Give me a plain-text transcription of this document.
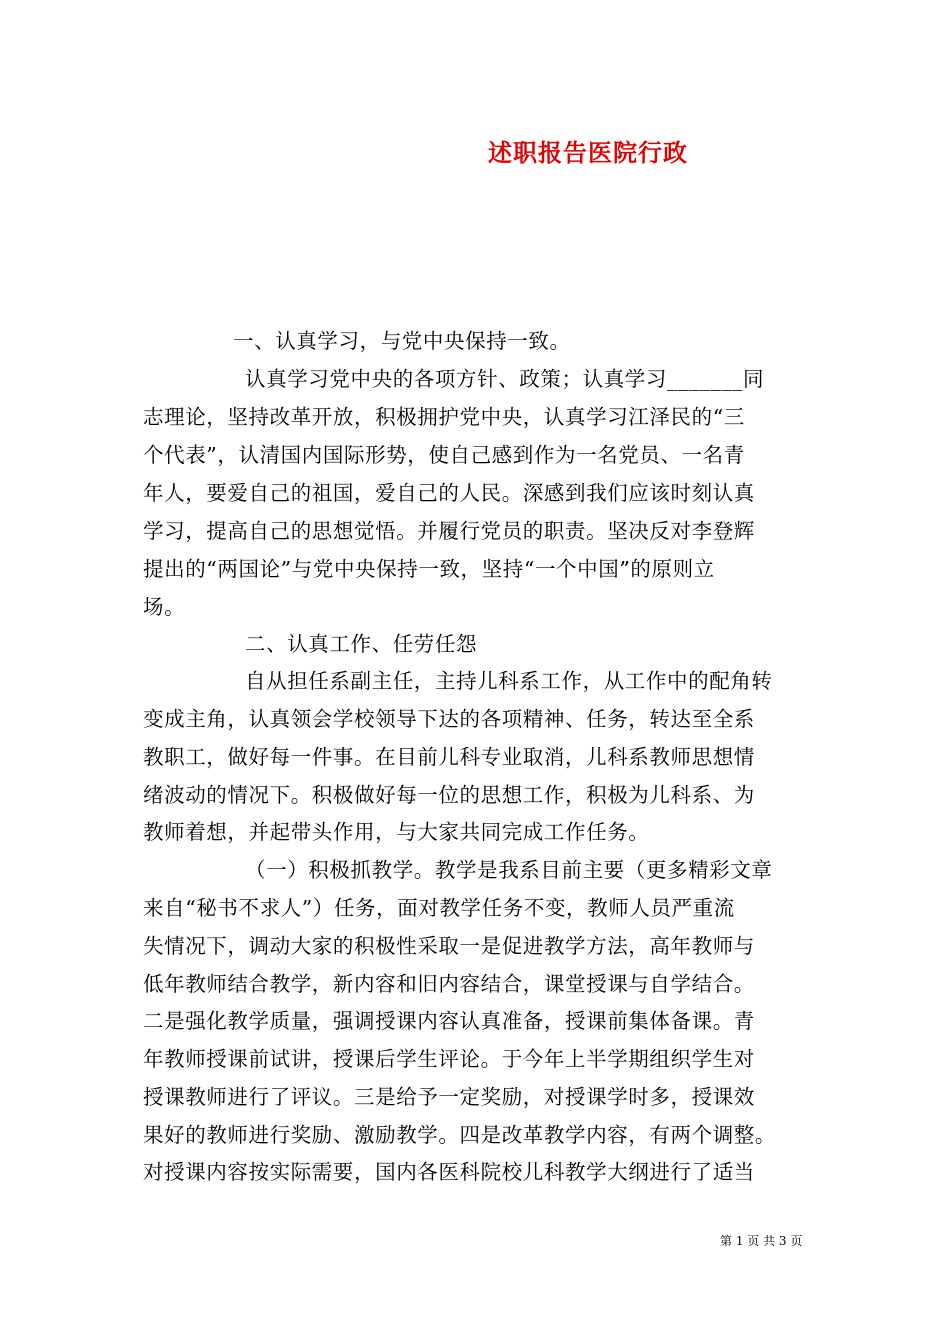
述职报告医院行政
一、认真学习，与党中央保持一致。
认真学习党中央的各项方针、政策；认真学习_______同
志理论，坚持改革开放，积极拥护党中央，认真学习江泽民的“三
个代表”，认清国内国际形势，使自己感到作为一名党员、一名青
年人，要爱自己的祖国，爱自己的人民。深感到我们应该时刻认真
学习，提高自己的思想觉悟。并履行党员的职责。坚决反对李登辉
提出的“两国论”与党中央保持一致，坚持“一个中国”的原则立
场。
二、认真工作、任劳任怨
自从担任系副主任，主持儿科系工作，从工作中的配角转
变成主角，认真领会学校领导下达的各项精神、任务，转达至全系
教职工，做好每一件事。在目前儿科专业取消，儿科系教师思想情
绪波动的情况下。积极做好每一位的思想工作，积极为儿科系、为
教师着想，并起带头作用，与大家共同完成工作任务。
（一）积极抓教学。教学是我系目前主要（更多精彩文章
来自“秘书不求人”）任务，面对教学任务不变，教师人员严重流
失情况下，调动大家的积极性采取一是促进教学方法，高年教师与
低年教师结合教学，新内容和旧内容结合，课堂授课与自学结合。
二是强化教学质量，强调授课内容认真准备，授课前集体备课。青
年教师授课前试讲，授课后学生评论。于今年上半学期组织学生对
授课教师进行了评议。三是给予一定奖励，对授课学时多，授课效
果好的教师进行奖励、激励教学。四是改革教学内容，有两个调整。
对授课内容按实际需要，国内各医科院校儿科教学大纲进行了适当
第 1 页 共 3 页
